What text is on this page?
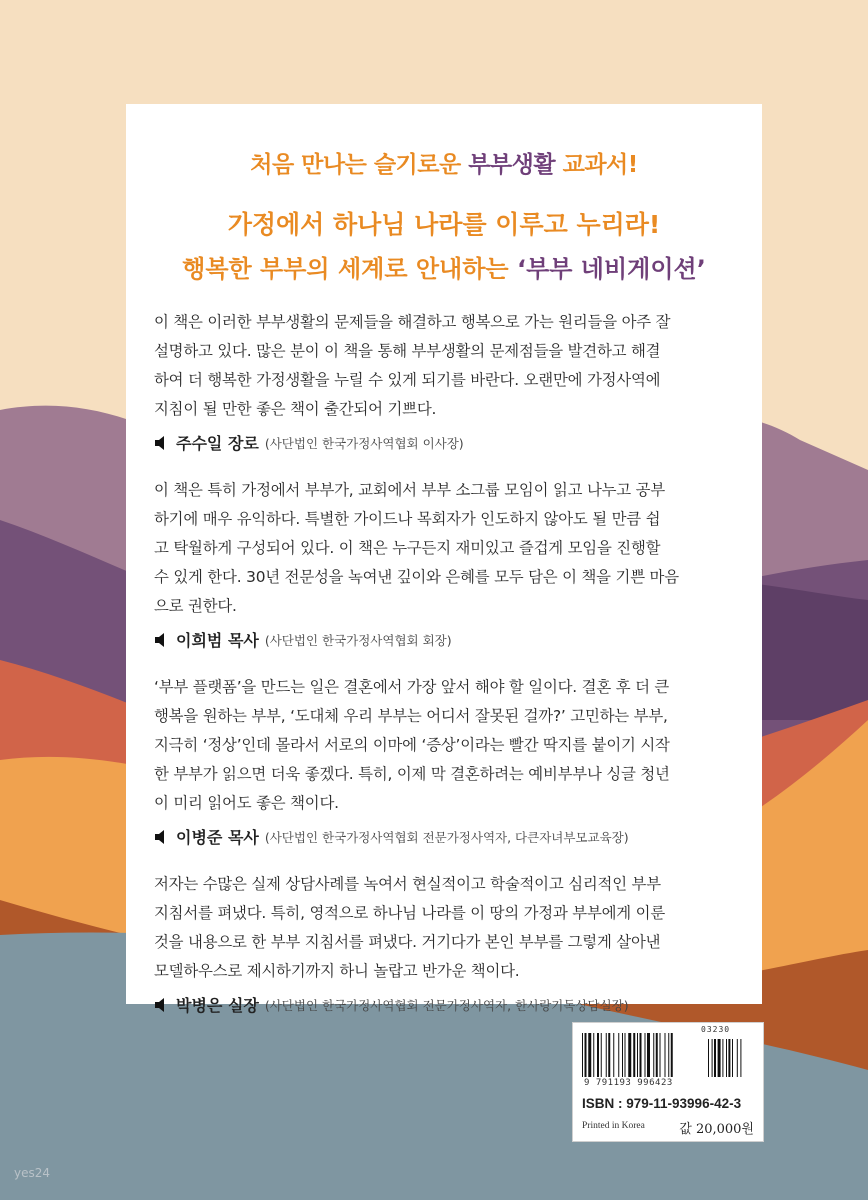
처음 만나는 슬기로운 부부생활 교과서!
가정에서 하나님 나라를 이루고 누리라!
행복한 부부의 세계로 안내하는 ‘부부 네비게이션’
이 책은 이러한 부부생활의 문제들을 해결하고 행복으로 가는 원리들을 아주 잘
설명하고 있다. 많은 분이 이 책을 통해 부부생활의 문제점들을 발견하고 해결
하여 더 행복한 가정생활을 누릴 수 있게 되기를 바란다. 오랜만에 가정사역에
지침이 될 만한 좋은 책이 출간되어 기쁘다.
주수일 장로 (사단법인 한국가정사역협회 이사장)
이 책은 특히 가정에서 부부가, 교회에서 부부 소그룹 모임이 읽고 나누고 공부
하기에 매우 유익하다. 특별한 가이드나 목회자가 인도하지 않아도 될 만큼 쉽
고 탁월하게 구성되어 있다. 이 책은 누구든지 재미있고 즐겁게 모임을 진행할
수 있게 한다. 30년 전문성을 녹여낸 깊이와 은혜를 모두 담은 이 책을 기쁜 마음
으로 권한다.
이희범 목사 (사단법인 한국가정사역협회 회장)
‘부부 플랫폼’을 만드는 일은 결혼에서 가장 앞서 해야 할 일이다. 결혼 후 더 큰
행복을 원하는 부부, ‘도대체 우리 부부는 어디서 잘못된 걸까?’ 고민하는 부부,
지극히 ‘정상’인데 몰라서 서로의 이마에 ‘증상’이라는 빨간 딱지를 붙이기 시작
한 부부가 읽으면 더욱 좋겠다. 특히, 이제 막 결혼하려는 예비부부나 싱글 청년
이 미리 읽어도 좋은 책이다.
이병준 목사 (사단법인 한국가정사역협회 전문가정사역자, 다큰자녀부모교육장)
저자는 수많은 실제 상담사례를 녹여서 현실적이고 학술적이고 심리적인 부부
지침서를 펴냈다. 특히, 영적으로 하나님 나라를 이 땅의 가정과 부부에게 이룬
것을 내용으로 한 부부 지침서를 펴냈다. 거기다가 본인 부부를 그렇게 살아낸
모델하우스로 제시하기까지 하니 놀랍고 반가운 책이다.
박병은 실장 (사단법인 한국가정사역협회 전문가정사역자, 한사랑기독상담실장)
03230
9 791193 996423
ISBN : 979-11-93996-42-3
Printed in Korea	값 20,000원
yes24
